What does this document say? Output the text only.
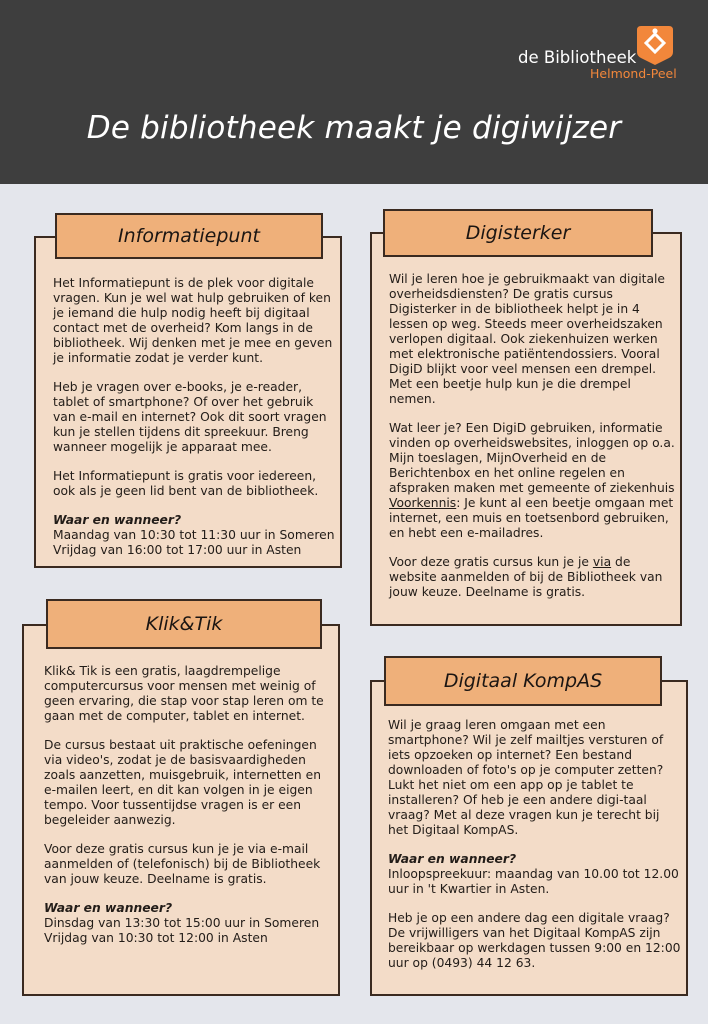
de Bibliotheek
Helmond-Peel
De bibliotheek maakt je digiwijzer
Informatiepunt

Het Informatiepunt is de plek voor digitale vragen. Kun je wel wat hulp gebruiken of ken je iemand die hulp nodig heeft bij digitaal contact met de overheid? Kom langs in de bibliotheek. Wij denken met je mee en geven je informatie zodat je verder kunt.

Heb je vragen over e-books, je e-reader, tablet of smartphone? Of over het gebruik van e-mail en internet? Ook dit soort vragen kun je stellen tijdens dit spreekuur. Breng wanneer mogelijk je apparaat mee.

Het Informatiepunt is gratis voor iedereen, ook als je geen lid bent van de bibliotheek.

Waar en wanneer?
Maandag van 10:30 tot 11:30 uur in Someren
Vrijdag van 16:00 tot 17:00 uur in Asten

Digisterker

Wil je leren hoe je gebruikmaakt van digitale overheidsdiensten? De gratis cursus Digisterker in de bibliotheek helpt je in 4 lessen op weg. Steeds meer overheidszaken verlopen digitaal. Ook ziekenhuizen werken met elektronische patiëntendossiers. Vooral DigiD blijkt voor veel mensen een drempel. Met een beetje hulp kun je die drempel nemen.

Wat leer je? Een DigiD gebruiken, informatie vinden op overheidswebsites, inloggen op o.a. Mijn toeslagen, MijnOverheid en de Berichtenbox en het online regelen en afspraken maken met gemeente of ziekenhuis
Voorkennis: Je kunt al een beetje omgaan met internet, een muis en toetsenbord gebruiken, en hebt een e-mailadres.

Voor deze gratis cursus kun je je via de website aanmelden of bij de Bibliotheek van jouw keuze. Deelname is gratis.

Klik&Tik

Klik& Tik is een gratis, laagdrempelige computercursus voor mensen met weinig of geen ervaring, die stap voor stap leren om te gaan met de computer, tablet en internet.

De cursus bestaat uit praktische oefeningen via video's, zodat je de basisvaardigheden zoals aanzetten, muisgebruik, internetten en e-mailen leert, en dit kan volgen in je eigen tempo. Voor tussentijdse vragen is er een begeleider aanwezig.

Voor deze gratis cursus kun je je via e-mail aanmelden of (telefonisch) bij de Bibliotheek van jouw keuze. Deelname is gratis.

Waar en wanneer?
Dinsdag van 13:30 tot 15:00 uur in Someren
Vrijdag van 10:30 tot 12:00 in Asten

Digitaal KompAS

Wil je graag leren omgaan met een smartphone? Wil je zelf mailtjes versturen of iets opzoeken op internet? Een bestand downloaden of foto's op je computer zetten? Lukt het niet om een app op je tablet te installeren? Of heb je een andere digi-taal vraag? Met al deze vragen kun je terecht bij het Digitaal KompAS.

Waar en wanneer?
Inloopspreekuur: maandag van 10.00 tot 12.00 uur in 't Kwartier in Asten.

Heb je op een andere dag een digitale vraag? De vrijwilligers van het Digitaal KompAS zijn bereikbaar op werkdagen tussen 9:00 en 12:00 uur op (0493) 44 12 63.
